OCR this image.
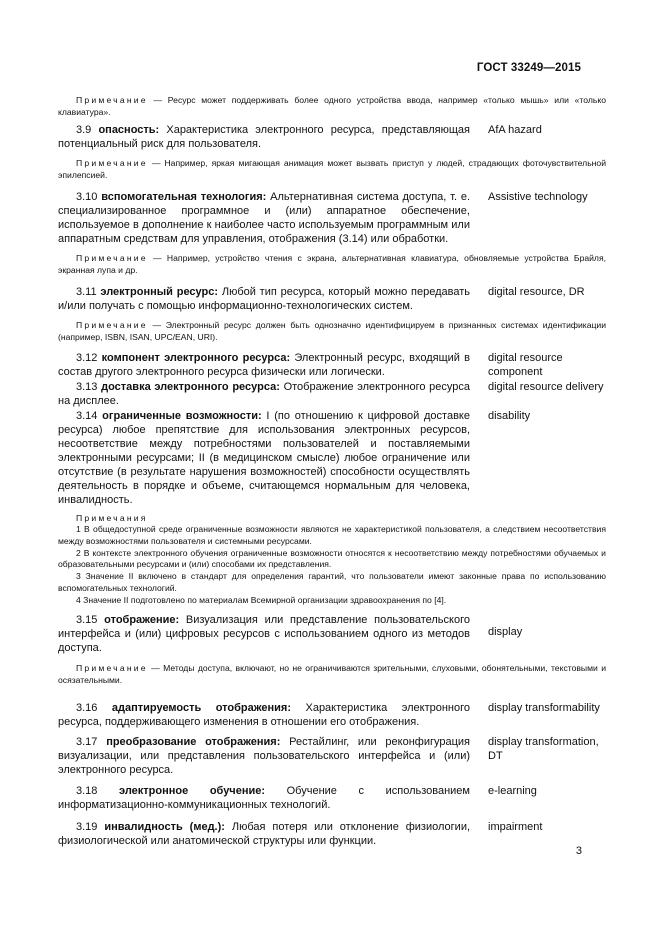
ГОСТ 33249—2015

Примечание — Ресурс может поддерживать более одного устройства ввода, например «только мышь» или «только клавиатура».

3.9 опасность: Характеристика электронного ресурса, представляющая потенциальный риск для пользователя.

AfA hazard

Примечание — Например, яркая мигающая анимация может вызвать приступ у людей, страдающих фоточувствительной эпилепсией.

3.10 вспомогательная технология: Альтернативная система доступа, т. е. специализированное программное и (или) аппаратное обеспечение, используемое в дополнение к наиболее часто используемым программным или аппаратным средствам для управления, отображения (3.14) или обработки.

Assistive technology

Примечание — Например, устройство чтения с экрана, альтернативная клавиатура, обновляемые устройства Брайля, экранная лупа и др.

3.11 электронный ресурс: Любой тип ресурса, который можно передавать и/или получать с помощью информационно-технологических систем.

digital resource, DR

Примечание — Электронный ресурс должен быть однозначно идентифицируем в признанных системах идентификации (например, ISBN, ISAN, UPC/EAN, URI).

3.12 компонент электронного ресурса: Электронный ресурс, входящий в состав другого электронного ресурса физически или логически.

digital resource component

3.13 доставка электронного ресурса: Отображение электронного ресурса на дисплее.

digital resource delivery

3.14 ограниченные возможности: I (по отношению к цифровой доставке ресурса) любое препятствие для использования электронных ресурсов, несоответствие между потребностями пользователей и поставляемыми электронными ресурсами; II (в медицинском смысле) любое ограничение или отсутствие (в результате нарушения возможностей) способности осуществлять деятельность в порядке и объеме, считающемся нормальным для человека, инвалидность.

disability

Примечания

1 В общедоступной среде ограниченные возможности являются не характеристикой пользователя, а следствием несоответствия между возможностями пользователя и системными ресурсами.

2 В контексте электронного обучения ограниченные возможности относятся к несоответствию между потребностями обучаемых и образовательными ресурсами и (или) способами их представления.

3 Значение II включено в стандарт для определения гарантий, что пользователи имеют законные права по использованию вспомогательных технологий.

4 Значение II подготовлено по материалам Всемирной организации здравоохранения по [4].

3.15 отображение: Визуализация или представление пользовательского интерфейса и (или) цифровых ресурсов с использованием одного из методов доступа.

display

Примечание — Методы доступа, включают, но не ограничиваются зрительными, слуховыми, обонятельными, текстовыми и осязательными.

3.16 адаптируемость отображения: Характеристика электронного ресурса, поддерживающего изменения в отношении его отображения.

display transformability

3.17 преобразование отображения: Рестайлинг, или реконфигурация визуализации, или представления пользовательского интерфейса и (или) электронного ресурса.

display transformation, DT

3.18 электронное обучение: Обучение с использованием информатизационно-коммуникационных технологий.

e-learning

3.19 инвалидность (мед.): Любая потеря или отклонение физиологии, физиологической или анатомической структуры или функции.

impairment
3
